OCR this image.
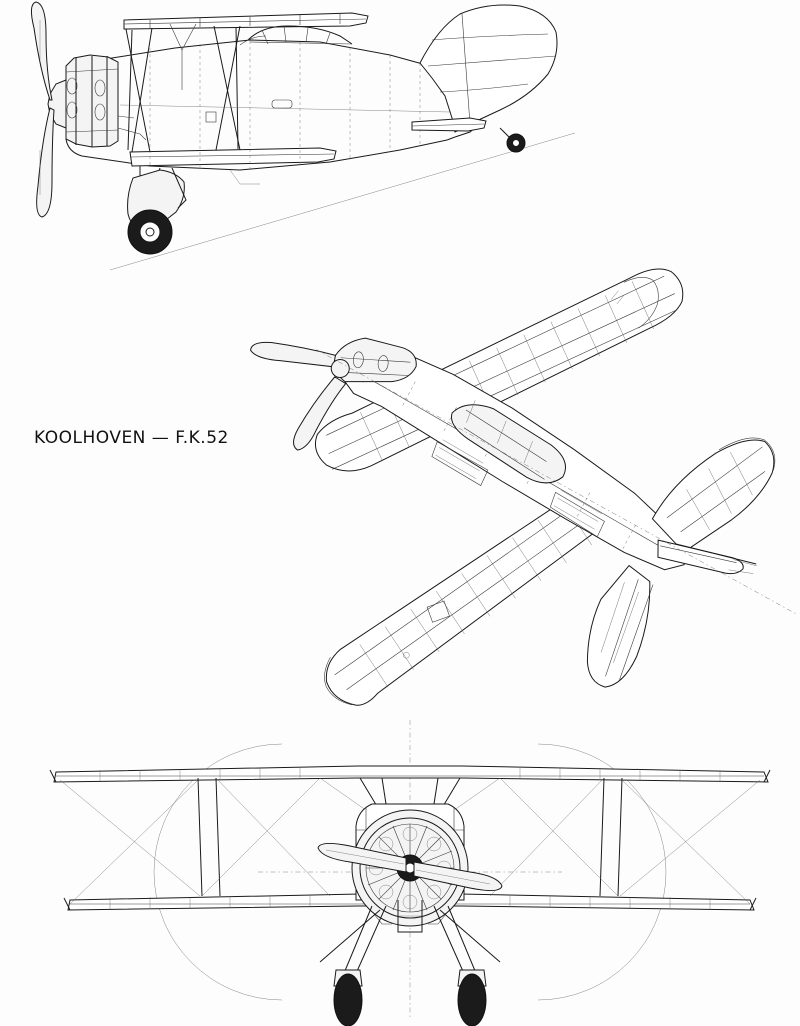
KOOLHOVEN — F.K.52
